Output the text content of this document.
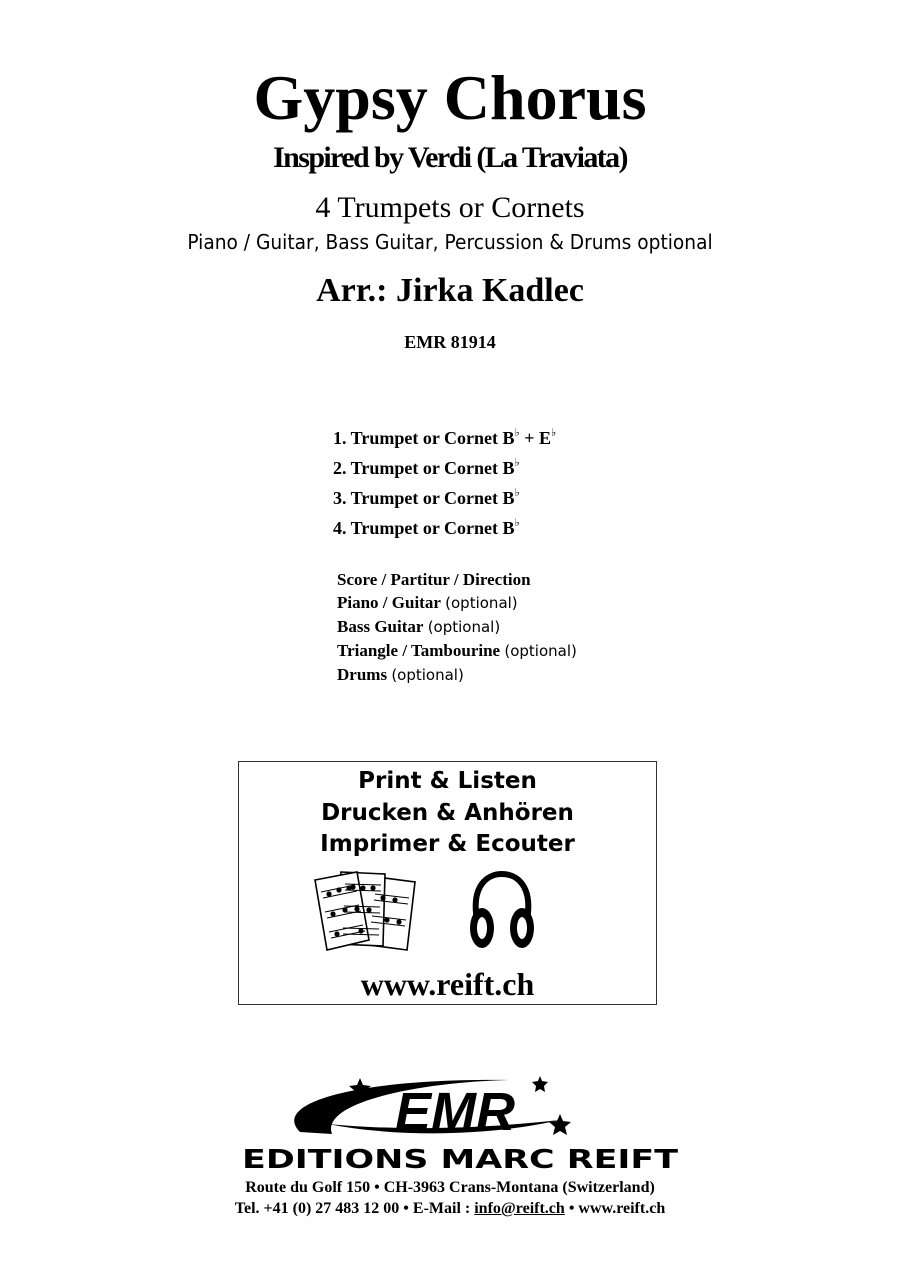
Gypsy Chorus
Inspired by Verdi (La Traviata)
4 Trumpets or Cornets
Piano / Guitar, Bass Guitar, Percussion & Drums optional
Arr.: Jirka Kadlec
EMR 81914
1. Trumpet or Cornet B♭ + E♭
2. Trumpet or Cornet B♭
3. Trumpet or Cornet B♭
4. Trumpet or Cornet B♭
Score / Partitur / Direction
Piano / Guitar (optional)
Bass Guitar (optional)
Triangle / Tambourine (optional)
Drums (optional)
Print & Listen
Drucken & Anhören
Imprimer & Ecouter
www.reift.ch
EMR
EDITIONS MARC REIFT
Route du Golf 150 • CH-3963 Crans-Montana (Switzerland)
Tel. +41 (0) 27 483 12 00 • E-Mail : info@reift.ch • www.reift.ch
